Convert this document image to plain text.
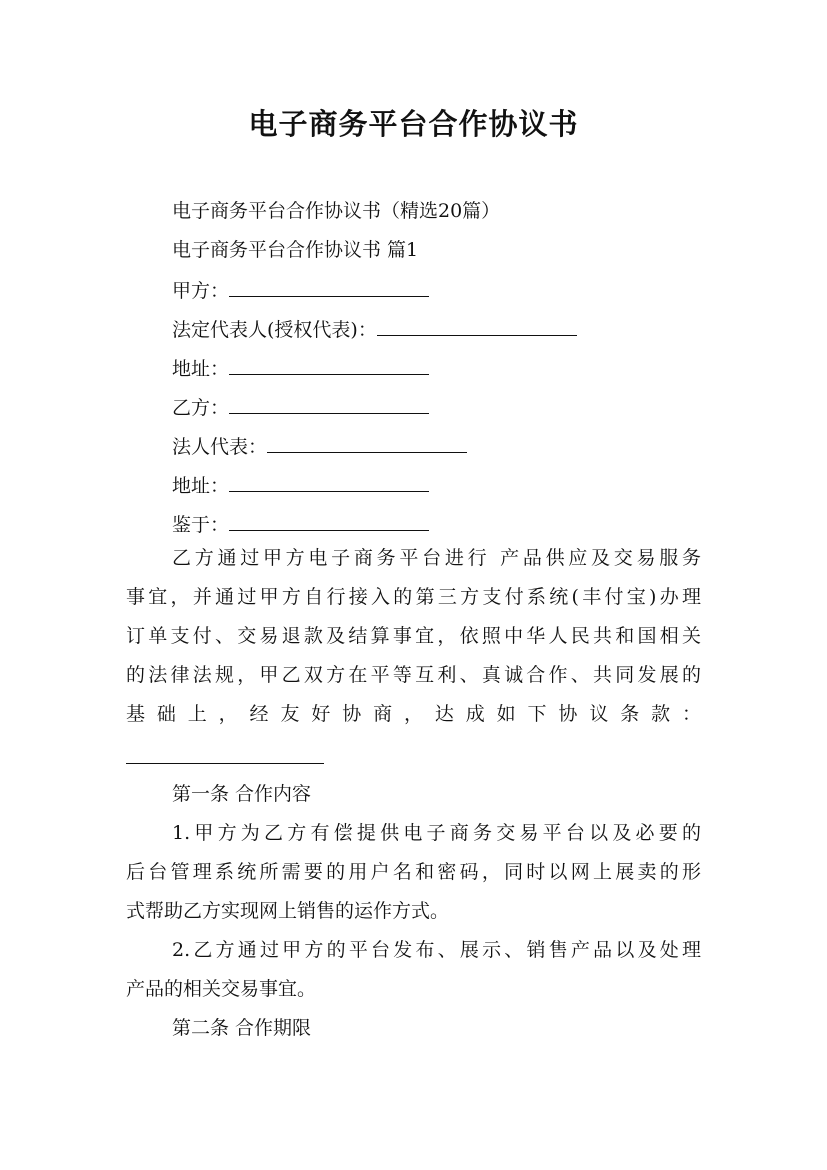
电子商务平台合作协议书
电子商务平台合作协议书（精选20篇）
电子商务平台合作协议书 篇1
甲方：
法定代表人(授权代表)：
地址：
乙方：
法人代表：
地址：
鉴于：
乙方通过甲方电子商务平台进行 产品供应及交易服务
事宜，并通过甲方自行接入的第三方支付系统(丰付宝)办理
订单支付、交易退款及结算事宜，依照中华人民共和国相关
的法律法规，甲乙双方在平等互利、真诚合作、共同发展的
基础上，经友好协商，达成如下协议条款：
第一条 合作内容
1.甲方为乙方有偿提供电子商务交易平台以及必要的
后台管理系统所需要的用户名和密码，同时以网上展卖的形
式帮助乙方实现网上销售的运作方式。
2.乙方通过甲方的平台发布、展示、销售产品以及处理
产品的相关交易事宜。
第二条 合作期限
